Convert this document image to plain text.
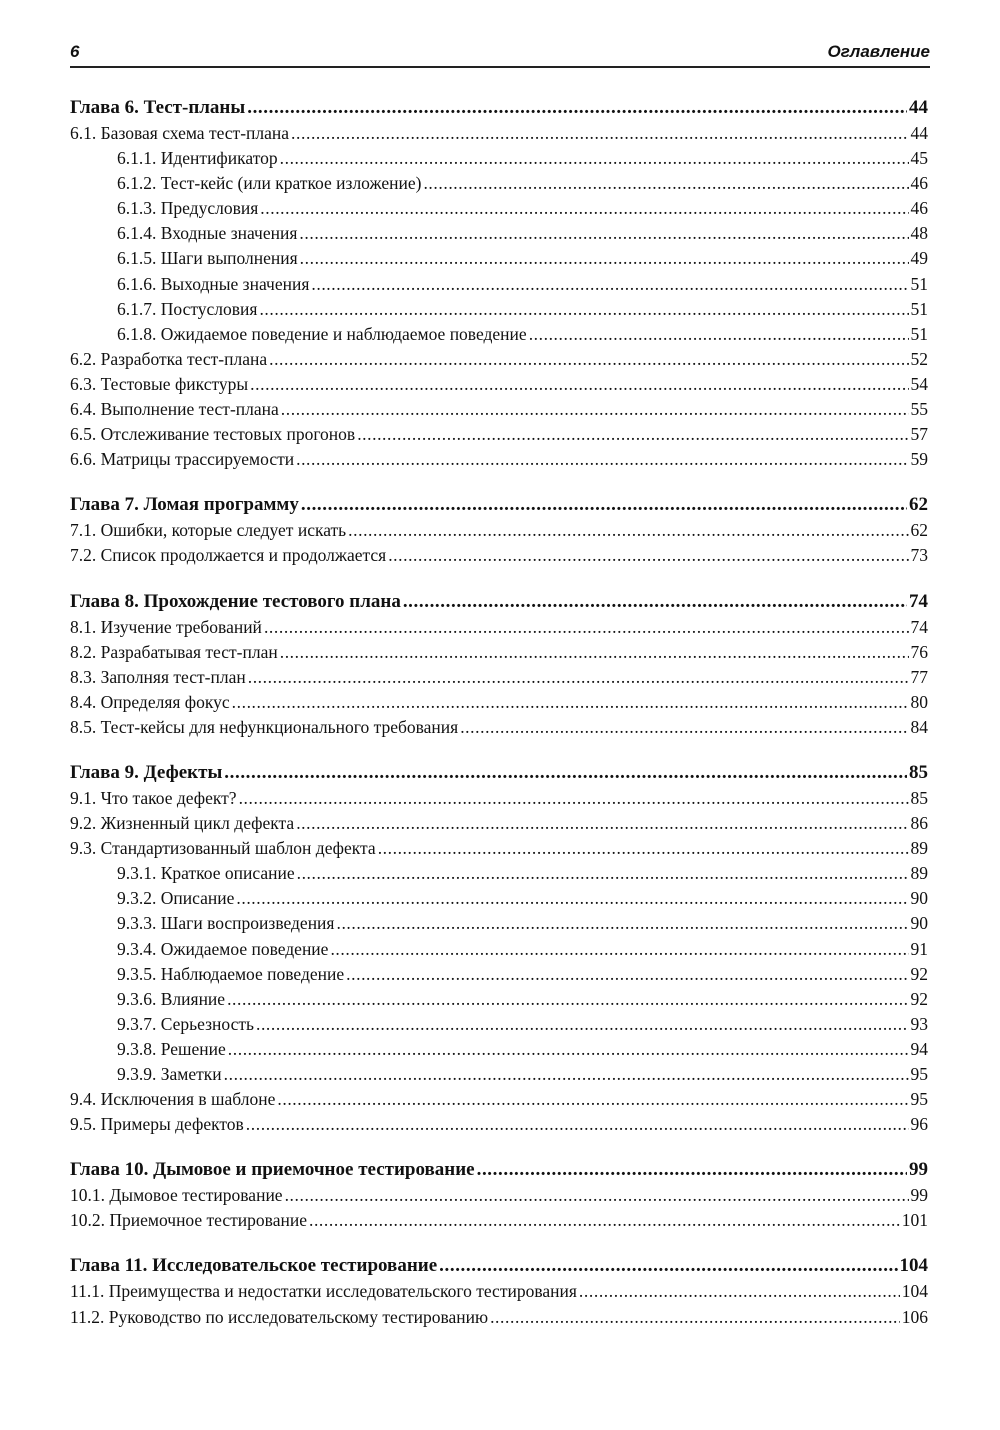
6	Оглавление
Глава 6. Тест-планы .....	44
6.1. Базовая схема тест-плана .....	44
6.1.1. Идентификатор .....	45
6.1.2. Тест-кейс (или краткое изложение) .....	46
6.1.3. Предусловия .....	46
6.1.4. Входные значения .....	48
6.1.5. Шаги выполнения .....	49
6.1.6. Выходные значения .....	51
6.1.7. Постусловия .....	51
6.1.8. Ожидаемое поведение и наблюдаемое поведение .....	51
6.2. Разработка тест-плана .....	52
6.3. Тестовые фикстуры .....	54
6.4. Выполнение тест-плана .....	55
6.5. Отслеживание тестовых прогонов .....	57
6.6. Матрицы трассируемости .....	59
Глава 7. Ломая программу .....	62
7.1. Ошибки, которые следует искать .....	62
7.2. Список продолжается и продолжается .....	73
Глава 8. Прохождение тестового плана .....	74
8.1. Изучение требований .....	74
8.2. Разрабатывая тест-план .....	76
8.3. Заполняя тест-план .....	77
8.4. Определяя фокус .....	80
8.5. Тест-кейсы для нефункционального требования .....	84
Глава 9. Дефекты .....	85
9.1. Что такое дефект? .....	85
9.2. Жизненный цикл дефекта .....	86
9.3. Стандартизованный шаблон дефекта .....	89
9.3.1. Краткое описание .....	89
9.3.2. Описание .....	90
9.3.3. Шаги воспроизведения .....	90
9.3.4. Ожидаемое поведение .....	91
9.3.5. Наблюдаемое поведение .....	92
9.3.6. Влияние .....	92
9.3.7. Серьезность .....	93
9.3.8. Решение .....	94
9.3.9. Заметки .....	95
9.4. Исключения в шаблоне .....	95
9.5. Примеры дефектов .....	96
Глава 10. Дымовое и приемочное тестирование .....	99
10.1. Дымовое тестирование .....	99
10.2. Приемочное тестирование .....	101
Глава 11. Исследовательское тестирование .....	104
11.1. Преимущества и недостатки исследовательского тестирования .....	104
11.2. Руководство по исследовательскому тестированию .....	106
